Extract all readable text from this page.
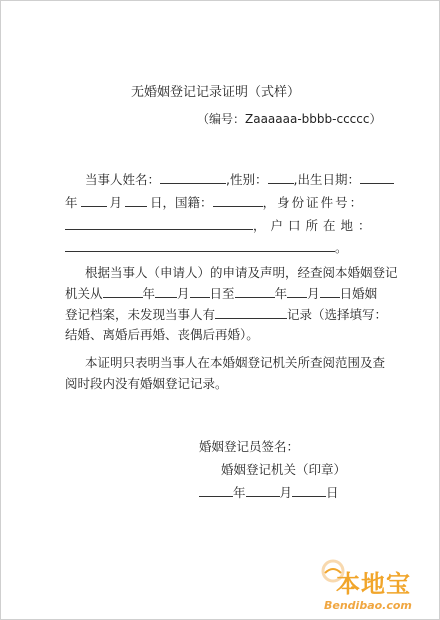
无婚姻登记记录证明（式样）
（编号：Zaaaaaa-bbbb-ccccc）
当事人姓名：	,性别： ,出生日期：
年	月 日，国籍：	，身份证件号：
，户口所在地：
。
根据当事人（申请人）的申请及声明，经查阅本婚姻登记
机关从	年 月 日至	年 月 日婚姻
登记档案，未发现当事人有	记录（选择填写：
结婚、离婚后再婚、丧偶后再婚）。
本证明只表明当事人在本婚姻登记机关所查阅范围及查
阅时段内没有婚姻登记记录。
婚姻登记员签名：
婚姻登记机关（印章）
年	月	日
本地宝
Bendibao.com
